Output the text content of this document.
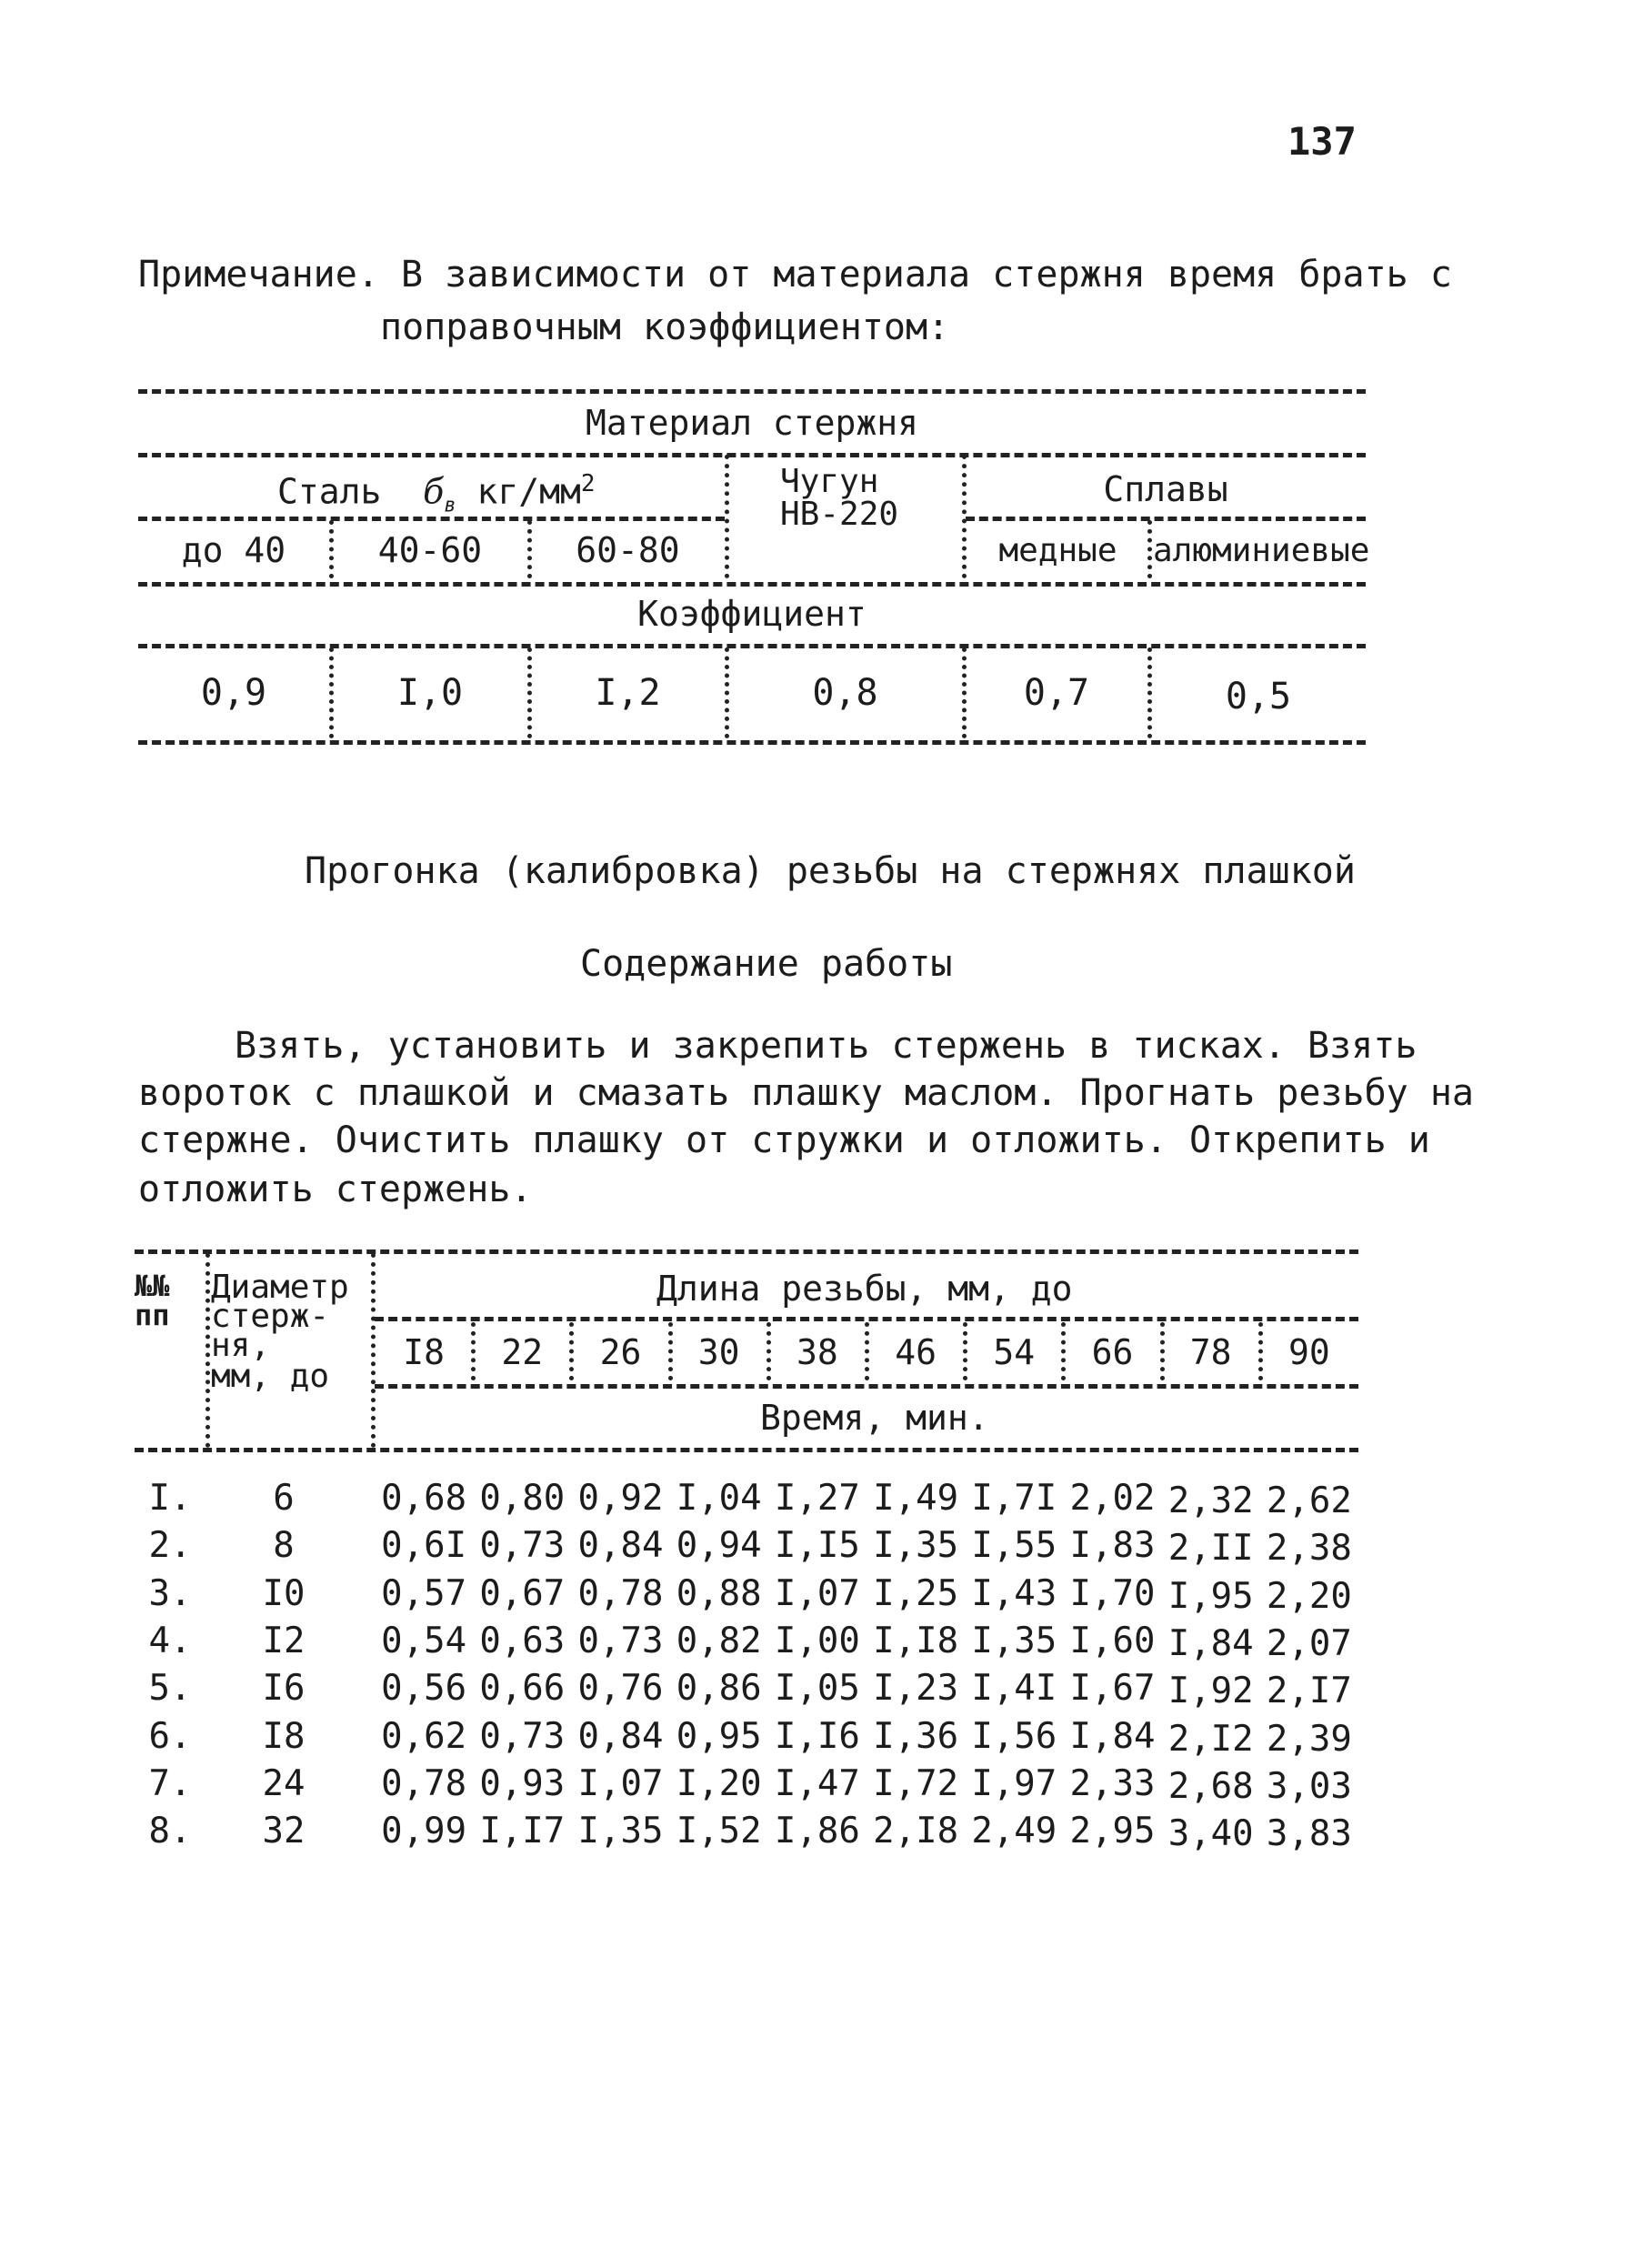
137
Примечание. В зависимости от материала стержня время брать с
поправочным коэффициентом:
Материал стержня
Сталь $б_в$ $кг/мм^2$	Чугун
НВ-220
Сплавы
до 40	40-60	60-80	медные	алюминиевые
Коэффициент
0,9	I,0	I,2	0,8	0,7	0,5
Прогонка (калибровка) резьбы на стержнях плашкой
Содержание работы
Взять, установить и закрепить стержень в тисках. Взять
вороток с плашкой и смазать плашку маслом. Прогнать резьбу на
стержне. Очистить плашку от стружки и отложить. Открепить и
отложить стержень.
№№
пп
Диаметр
стерж-
ня,
мм, до
Длина резьбы, мм, до
I8	22	26	30	38	46	54	66	78	90
Время, мин.
I.	6	0,68 0,80 0,92 I,04 I,27 I,49 I,7I 2,02 2,32 2,62
2.	8	0,6I 0,73 0,84 0,94 I,I5 I,35 I,55 I,83 2,II 2,38
3.	I0	0,57 0,67 0,78 0,88 I,07 I,25 I,43 I,70 I,95 2,20
4.	I2	0,54 0,63 0,73 0,82 I,00 I,I8 I,35 I,60 I,84 2,07
5.	I6	0,56 0,66 0,76 0,86 I,05 I,23 I,4I I,67 I,92 2,I7
6.	I8	0,62 0,73 0,84 0,95 I,I6 I,36 I,56 I,84 2,I2 2,39
7.	24	0,78 0,93 I,07 I,20 I,47 I,72 I,97 2,33 2,68 3,03
8.	32	0,99 I,I7 I,35 I,52 I,86 2,I8 2,49 2,95 3,40 3,83
